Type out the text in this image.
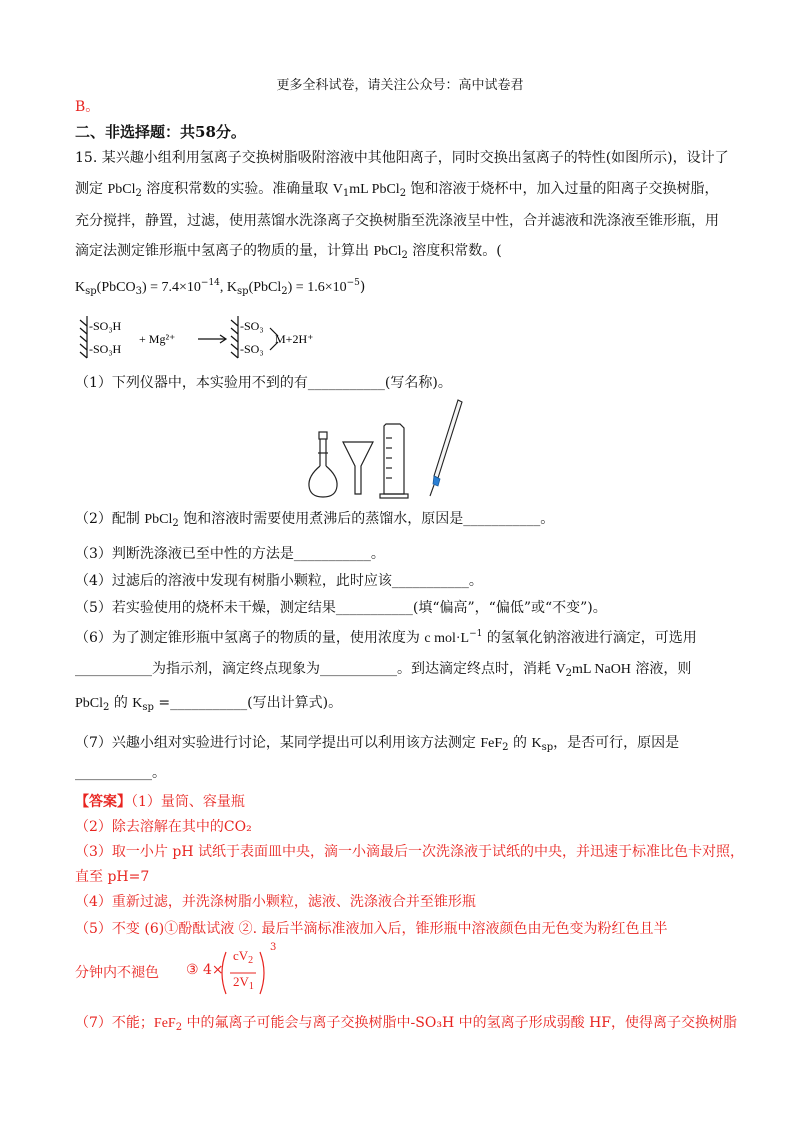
更多全科试卷，请关注公众号：高中试卷君
B。
二、非选择题：共58分。
15. 某兴趣小组利用氢离子交换树脂吸附溶液中其他阳离子，同时交换出氢离子的特性(如图所示)，设计了
测定 PbCl$_2$ 溶度积常数的实验。准确量取 $V_1mL$ PbCl$_2$ 饱和溶液于烧杯中，加入过量的阳离子交换树脂，
充分搅拌，静置，过滤，使用蒸馏水洗涤离子交换树脂至洗涤液呈中性，合并滤液和洗涤液至锥形瓶，用
滴定法测定锥形瓶中氢离子的物质的量，计算出 PbCl$_2$ 溶度积常数。(
$K_{sp}(PbCO_3) = 7.4\times 10^{-14}$, $K_{sp}(PbCl_2) = 1.6\times 10^{-5}$)
-SO₃H
-SO₃H
+ Mg²⁺
-SO₃
-SO₃
M+2H⁺
（1）下列仪器中，本实验用不到的有___________(写名称)。
（2）配制 PbCl$_2$ 饱和溶液时需要使用煮沸后的蒸馏水，原因是___________。
（3）判断洗涤液已至中性的方法是___________。
（4）过滤后的溶液中发现有树脂小颗粒，此时应该___________。
（5）若实验使用的烧杯未干燥，测定结果___________(填“偏高”，“偏低”或“不变”)。
（6）为了测定锥形瓶中氢离子的物质的量，使用浓度为 c $mol\cdot L^{-1}$ 的氢氧化钠溶液进行滴定，可选用
___________为指示剂，滴定终点现象为___________。到达滴定终点时，消耗 $V_2mL$ NaOH 溶液，则
PbCl$_2$ 的 $K_{sp}$ =___________(写出计算式)。
（7）兴趣小组对实验进行讨论，某同学提出可以利用该方法测定 FeF$_2$ 的 $K_{sp}$，是否可行，原因是
___________。
【答案】（1）量筒、容量瓶
（2）除去溶解在其中的CO₂
（3）取一小片 pH 试纸于表面皿中央，滴一小滴最后一次洗涤液于试纸的中央，并迅速于标准比色卡对照，
直至 pH=7
（4）重新过滤，并洗涤树脂小颗粒，滤液、洗涤液合并至锥形瓶
（5）不变 (6)①酚酞试液 ②. 最后半滴标准液加入后，锥形瓶中溶液颜色由无色变为粉红色且半
分钟内不褪色	③ 4×
$cV_2$
$2V_1$
3
（7）不能；FeF$_2$ 中的氟离子可能会与离子交换树脂中-SO₃H 中的氢离子形成弱酸 HF，使得离子交换树脂
